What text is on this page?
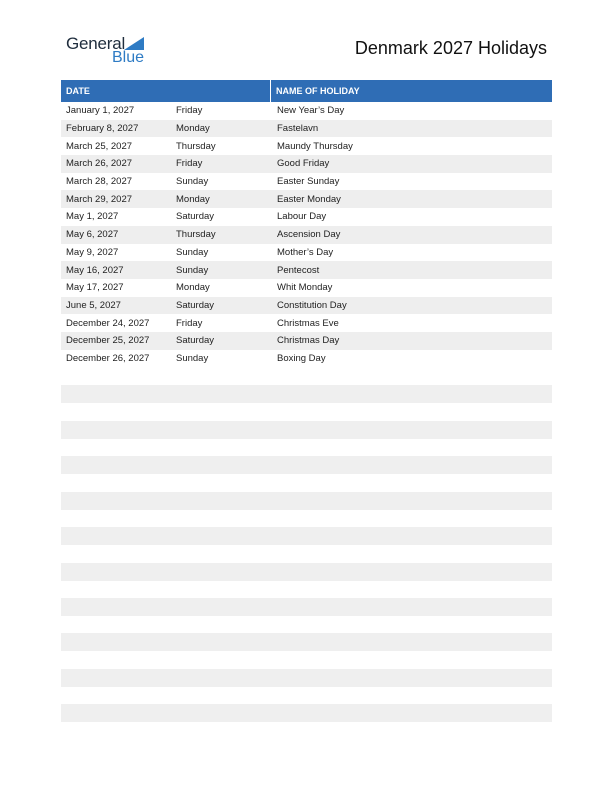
General
Blue	Denmark 2027 Holidays
DATE	NAME OF HOLIDAY
January 1, 2027	Friday	New Year’s Day
February 8, 2027	Monday	Fastelavn
March 25, 2027	Thursday	Maundy Thursday
March 26, 2027	Friday	Good Friday
March 28, 2027	Sunday	Easter Sunday
March 29, 2027	Monday	Easter Monday
May 1, 2027	Saturday	Labour Day
May 6, 2027	Thursday	Ascension Day
May 9, 2027	Sunday	Mother’s Day
May 16, 2027	Sunday	Pentecost
May 17, 2027	Monday	Whit Monday
June 5, 2027	Saturday	Constitution Day
December 24, 2027	Friday	Christmas Eve
December 25, 2027	Saturday	Christmas Day
December 26, 2027	Sunday	Boxing Day
